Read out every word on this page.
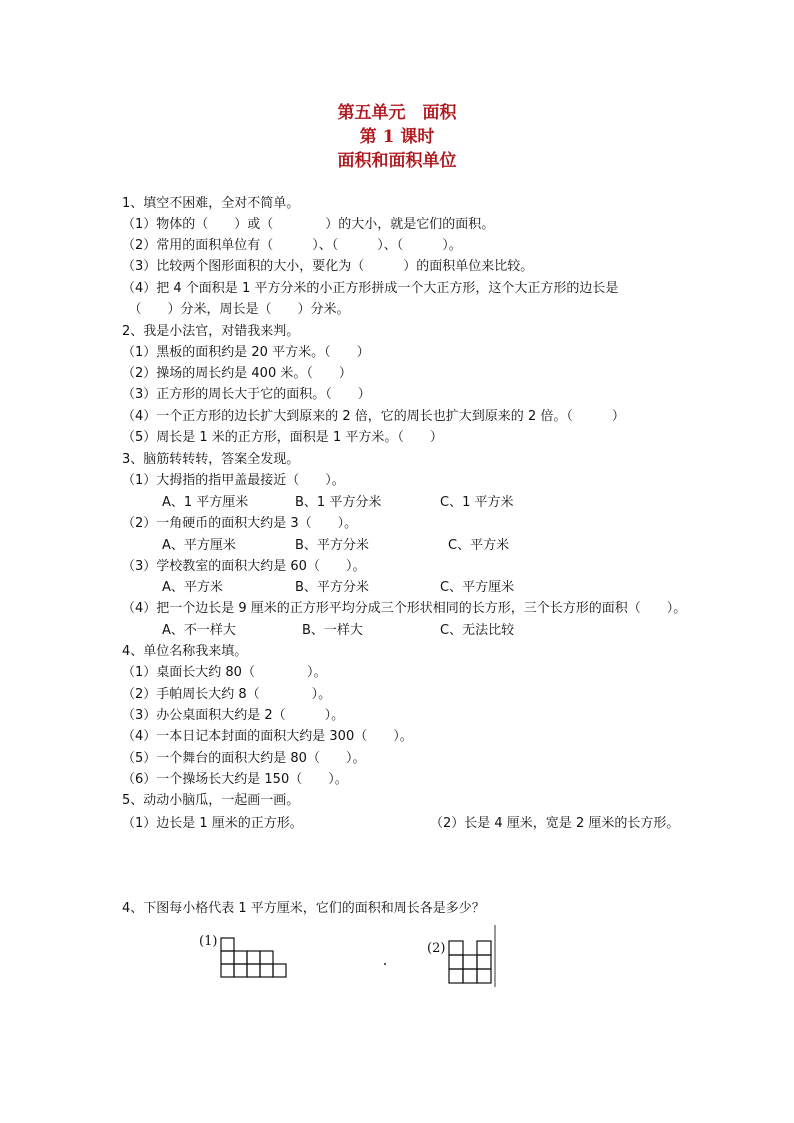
第五单元　面积
第 1 课时
面积和面积单位
1、填空不困难，全对不简单。
（1）物体的（　　）或（　　　　）的大小，就是它们的面积。
（2）常用的面积单位有（　　　）、（　　　）、（　　　）。
（3）比较两个图形面积的大小，要化为（　　　）的面积单位来比较。
（4）把 4 个面积是 1 平方分米的小正方形拼成一个大正方形，这个大正方形的边长是
　（　　）分米，周长是（　　）分米。
2、我是小法官，对错我来判。
（1）黑板的面积约是 20 平方米。（　　）
（2）操场的周长约是 400 米。（　　）
（3）正方形的周长大于它的面积。（　　）
（4）一个正方形的边长扩大到原来的 2 倍，它的周长也扩大到原来的 2 倍。（　　　）
（5）周长是 1 米的正方形，面积是 1 平方米。（　　）
3、脑筋转转转，答案全发现。
（1）大拇指的指甲盖最接近（　　）。
A、1 平方厘米	B、1 平方分米	C、1 平方米
（2）一角硬币的面积大约是 3（　　）。
A、平方厘米	B、平方分米	C、平方米
（3）学校教室的面积大约是 60（　　）。
A、平方米	B、平方分米	C、平方厘米
（4）把一个边长是 9 厘米的正方形平均分成三个形状相同的长方形，三个长方形的面积（　　）。
A、不一样大	B、一样大	C、无法比较
4、单位名称我来填。
（1）桌面长大约 80（　　　　）。
（2）手帕周长大约 8（　　　　）。
（3）办公桌面积大约是 2（　　　）。
（4）一本日记本封面的面积大约是 300（　　）。
（5）一个舞台的面积大约是 80（　　）。
（6）一个操场长大约是 150（　　）。
5、动动小脑瓜，一起画一画。
（1）边长是 1 厘米的正方形。	（2）长是 4 厘米，宽是 2 厘米的长方形。
4、下图每小格代表 1 平方厘米，它们的面积和周长各是多少？
(1)	(2)
